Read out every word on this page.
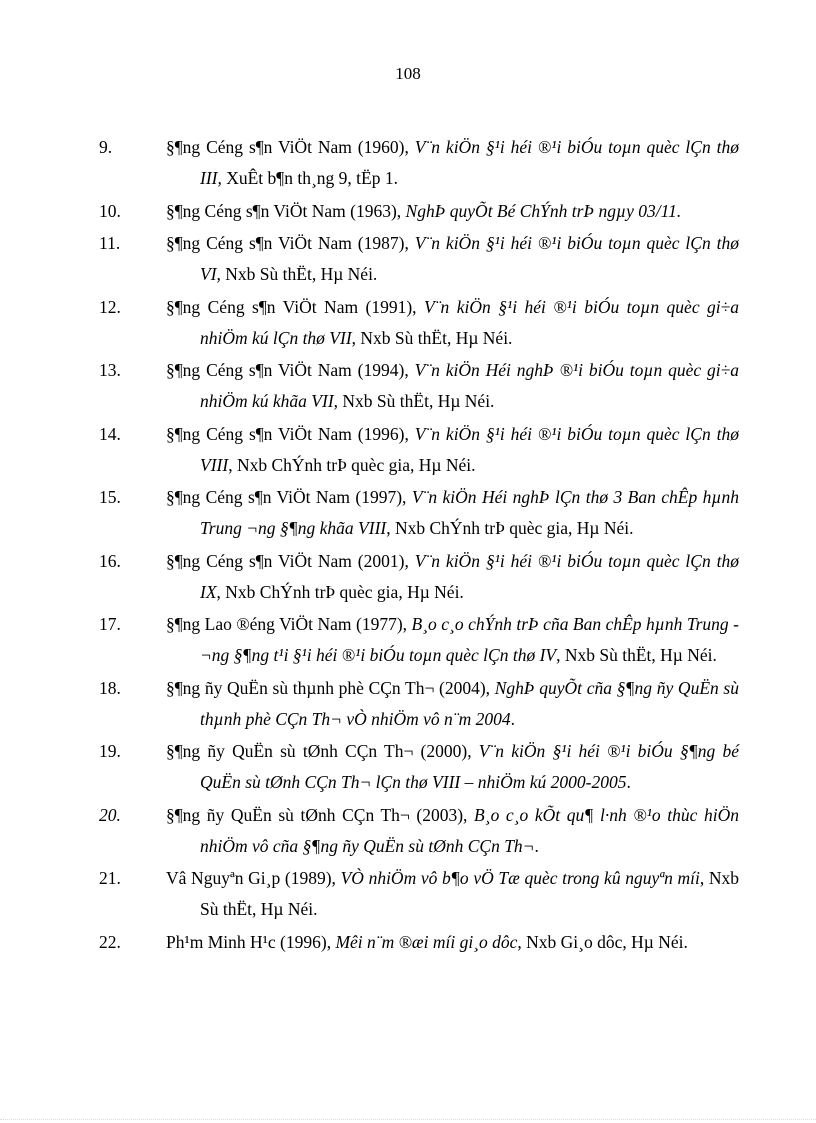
108
9.	§¶ng Céng s¶n ViÖt Nam (1960), V¨n kiÖn §¹i héi ®¹i biÓu toµn quèc lÇn thø III, XuÊt b¶n th¸ng 9, tËp 1.
10.	§¶ng Céng s¶n ViÖt Nam (1963), NghÞ quyÕt Bé ChÝnh trÞ ngµy 03/11.
11.	§¶ng Céng s¶n ViÖt Nam (1987), V¨n kiÖn §¹i héi ®¹i biÓu toµn quèc lÇn thø VI, Nxb Sù thËt, Hµ Néi.
12.	§¶ng Céng s¶n ViÖt Nam (1991), V¨n kiÖn §¹i héi ®¹i biÓu toµn quèc gi÷a nhiÖm kú lÇn thø VII, Nxb Sù thËt, Hµ Néi.
13.	§¶ng Céng s¶n ViÖt Nam (1994), V¨n kiÖn Héi nghÞ ®¹i biÓu toµn quèc gi÷a nhiÖm kú khãa VII, Nxb Sù thËt, Hµ Néi.
14.	§¶ng Céng s¶n ViÖt Nam (1996), V¨n kiÖn §¹i héi ®¹i biÓu toµn quèc lÇn thø VIII, Nxb ChÝnh trÞ quèc gia, Hµ Néi.
15.	§¶ng Céng s¶n ViÖt Nam (1997), V¨n kiÖn Héi nghÞ lÇn thø 3 Ban chÊp hµnh Trung ¬ng §¶ng khãa VIII, Nxb ChÝnh trÞ quèc gia, Hµ Néi.
16.	§¶ng Céng s¶n ViÖt Nam (2001), V¨n kiÖn §¹i héi ®¹i biÓu toµn quèc lÇn thø IX, Nxb ChÝnh trÞ quèc gia, Hµ Néi.
17.	§¶ng Lao ®éng ViÖt Nam (1977), B¸o c¸o chÝnh trÞ cña Ban chÊp hµnh Trung ¬ng §¶ng t¹i §¹i héi ®¹i biÓu toµn quèc lÇn thø IV, Nxb Sù thËt, Hµ Néi.
18.	§¶ng ñy QuËn sù thµnh phè CÇn Th¬ (2004), NghÞ quyÕt cña §¶ng ñy QuËn sù thµnh phè CÇn Th¬ vÒ nhiÖm vô n¨m 2004.
19.	§¶ng ñy QuËn sù tØnh CÇn Th¬ (2000), V¨n kiÖn §¹i héi ®¹i biÓu §¶ng bé QuËn sù tØnh CÇn Th¬ lÇn thø VIII – nhiÖm kú 2000-2005.
20.	§¶ng ñy QuËn sù tØnh CÇn Th¬ (2003), B¸o c¸o kÕt qu¶ l·nh ®¹o thùc hiÖn nhiÖm vô cña §¶ng ñy QuËn sù tØnh CÇn Th¬.
21.	Vâ Nguyªn Gi¸p (1989), VÒ nhiÖm vô b¶o vÖ Tæ quèc trong kû nguyªn míi, Nxb Sù thËt, Hµ Néi.
22.	Ph¹m Minh H¹c (1996), Mêi n¨m ®æi míi gi¸o dôc, Nxb Gi¸o dôc, Hµ Néi.
